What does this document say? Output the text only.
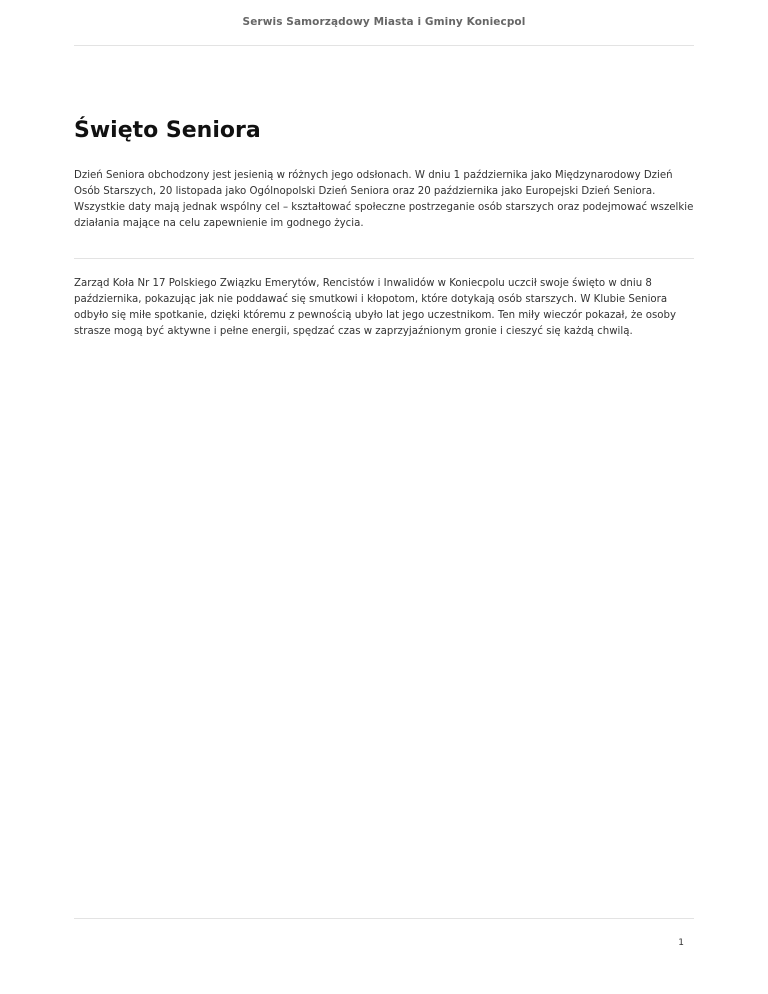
Serwis Samorządowy Miasta i Gminy Koniecpol
Święto Seniora

Dzień Seniora obchodzony jest jesienią w różnych jego odsłonach. W dniu 1 października jako Międzynarodowy Dzień Osób Starszych, 20 listopada jako Ogólnopolski Dzień Seniora oraz 20 października jako Europejski Dzień Seniora. Wszystkie daty mają jednak wspólny cel – kształtować społeczne postrzeganie osób starszych oraz podejmować wszelkie działania mające na celu zapewnienie im godnego życia.

Zarząd Koła Nr 17 Polskiego Związku Emerytów, Rencistów i Inwalidów w Koniecpolu uczcił swoje święto w dniu 8 października, pokazując jak nie poddawać się smutkowi i kłopotom, które dotykają osób starszych. W Klubie Seniora odbyło się miłe spotkanie, dzięki któremu z pewnością ubyło lat jego uczestnikom. Ten miły wieczór pokazał, że osoby strasze mogą być aktywne i pełne energii, spędzać czas w zaprzyjaźnionym gronie i cieszyć się każdą chwilą.

1
